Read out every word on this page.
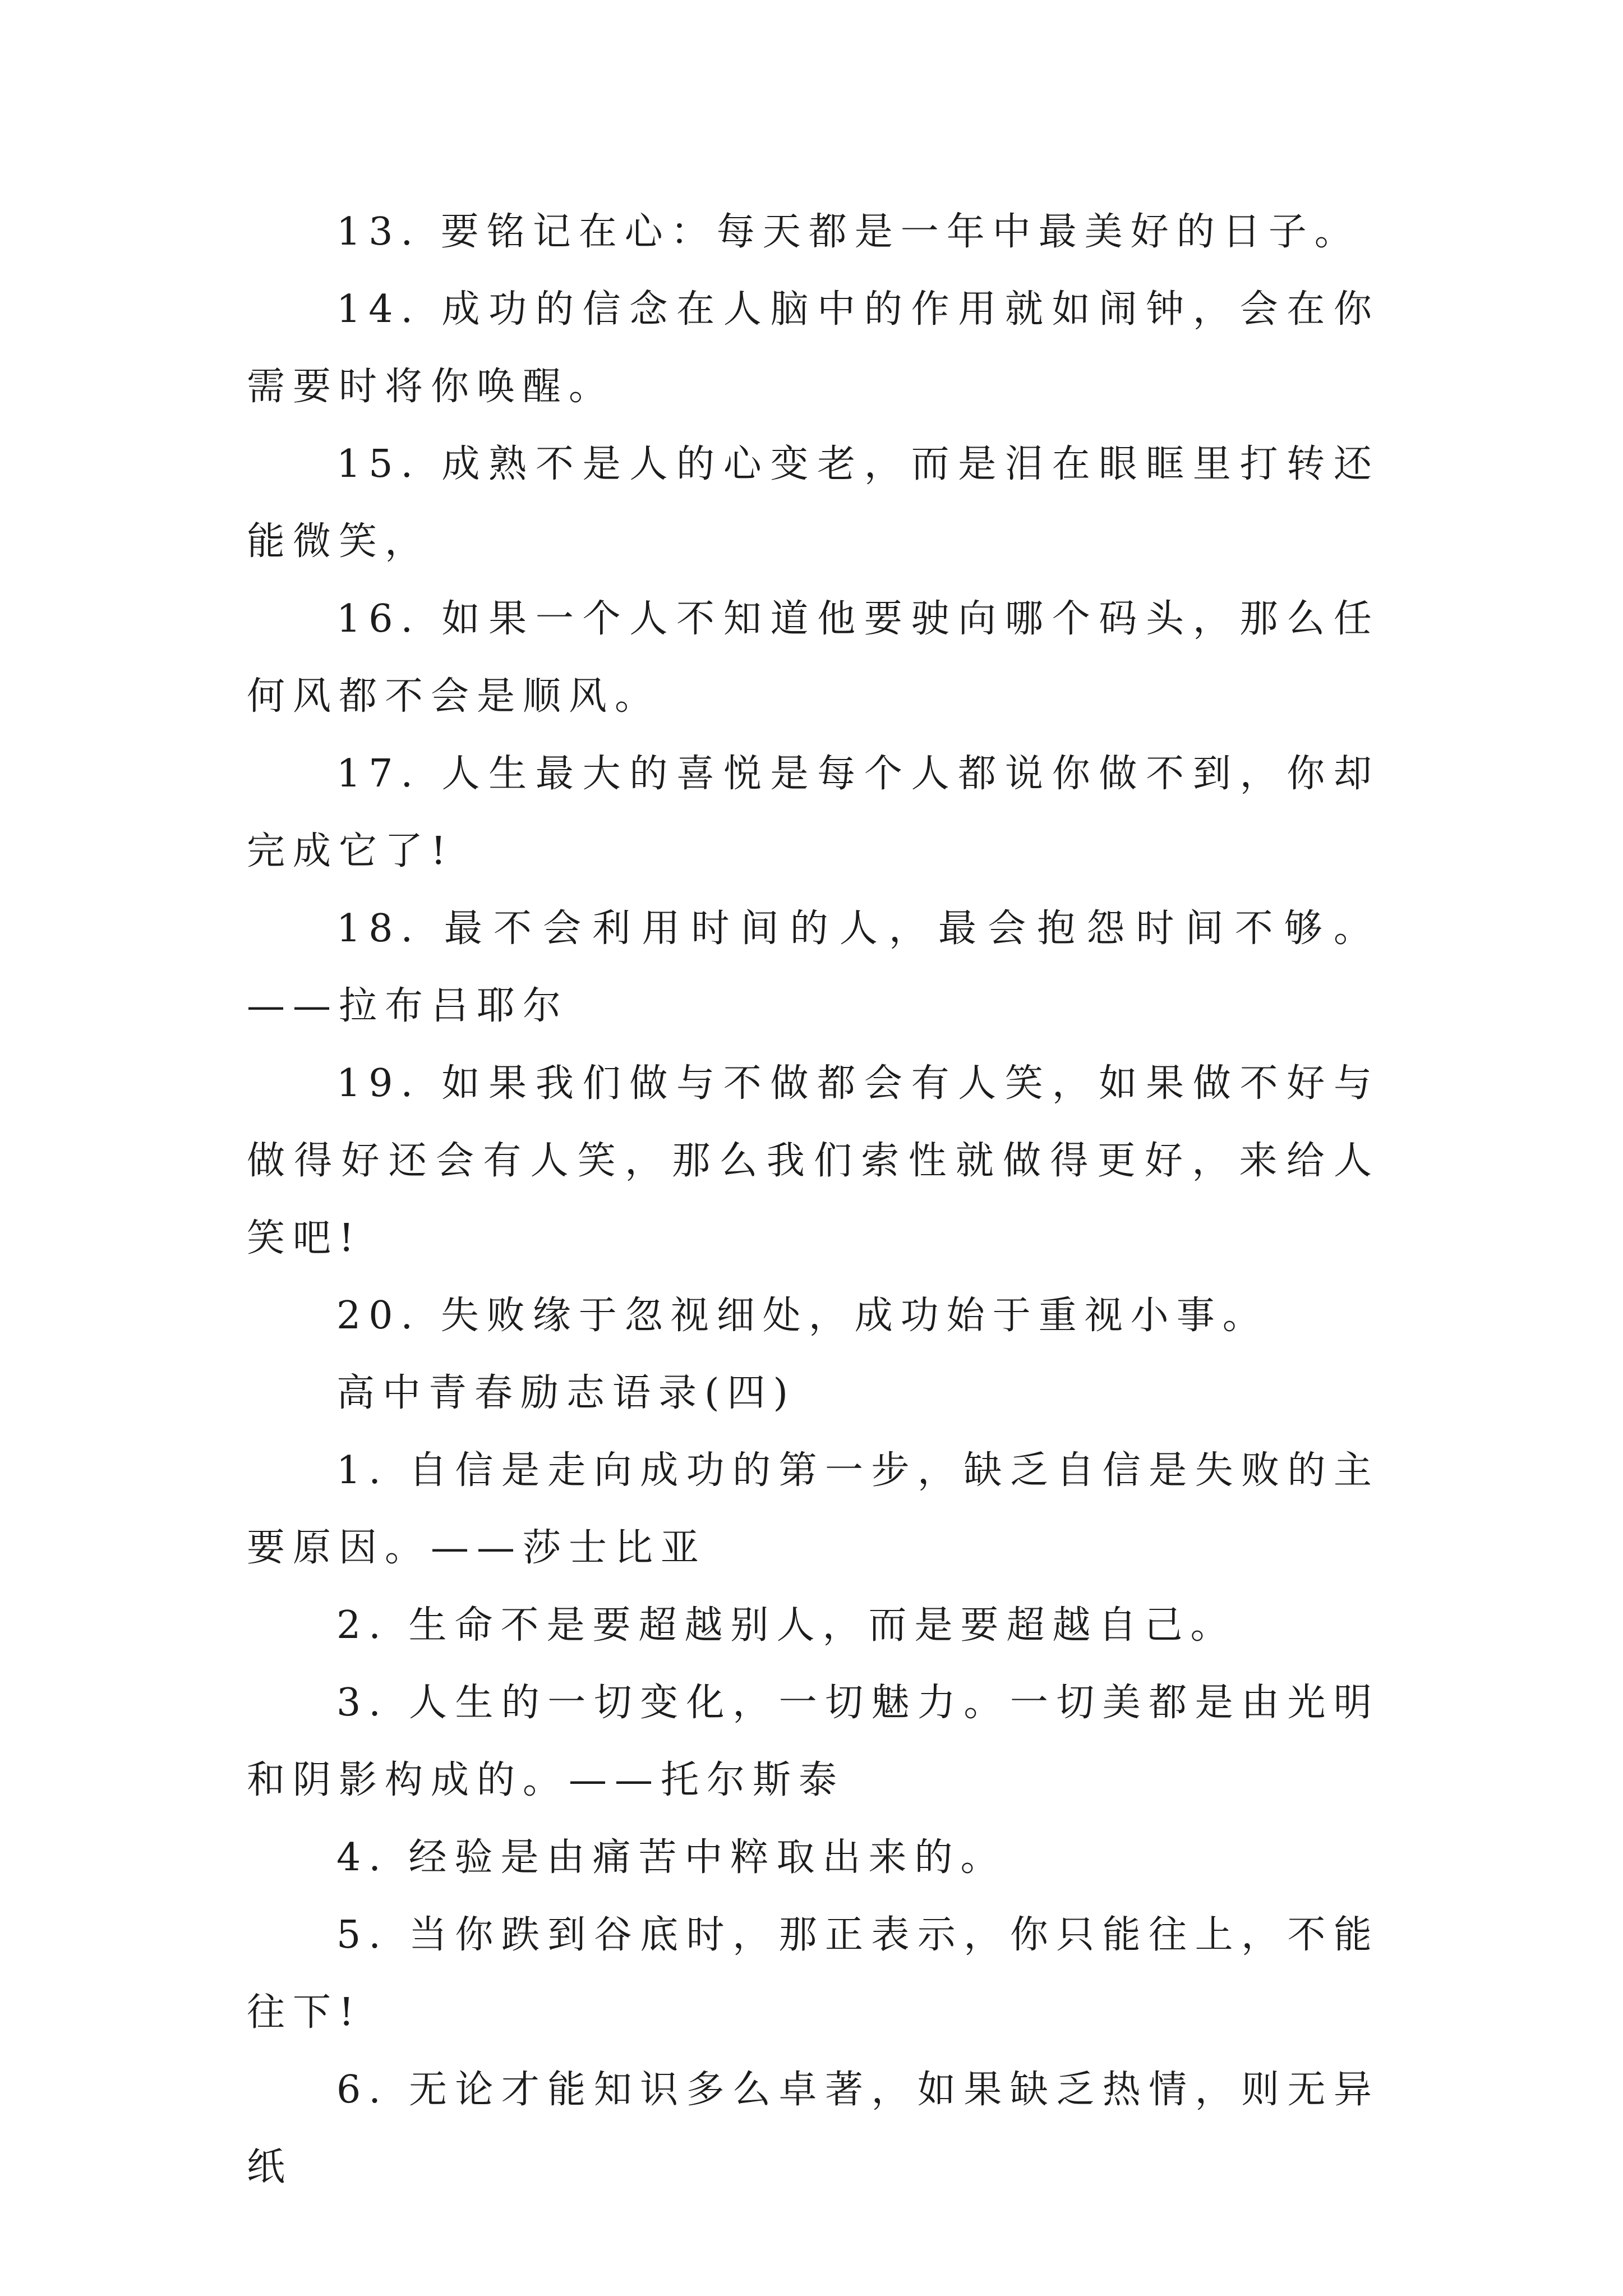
13. 要铭记在心：每天都是一年中最美好的日子。

14. 成功的信念在人脑中的作用就如闹钟，会在你需要时将你唤醒。

15. 成熟不是人的心变老，而是泪在眼眶里打转还能微笑，

16. 如果一个人不知道他要驶向哪个码头，那么任何风都不会是顺风。

17. 人生最大的喜悦是每个人都说你做不到，你却完成它了!

18. 最不会利用时间的人，最会抱怨时间不够。——拉布吕耶尔

19. 如果我们做与不做都会有人笑，如果做不好与做得好还会有人笑，那么我们索性就做得更好，来给人笑吧!

20. 失败缘于忽视细处，成功始于重视小事。

高中青春励志语录(四)

1. 自信是走向成功的第一步，缺乏自信是失败的主要原因。——莎士比亚

2. 生命不是要超越别人，而是要超越自己。

3. 人生的一切变化，一切魅力。一切美都是由光明和阴影构成的。——托尔斯泰

4. 经验是由痛苦中粹取出来的。

5. 当你跌到谷底时，那正表示，你只能往上，不能往下!

6. 无论才能知识多么卓著，如果缺乏热情，则无异纸
